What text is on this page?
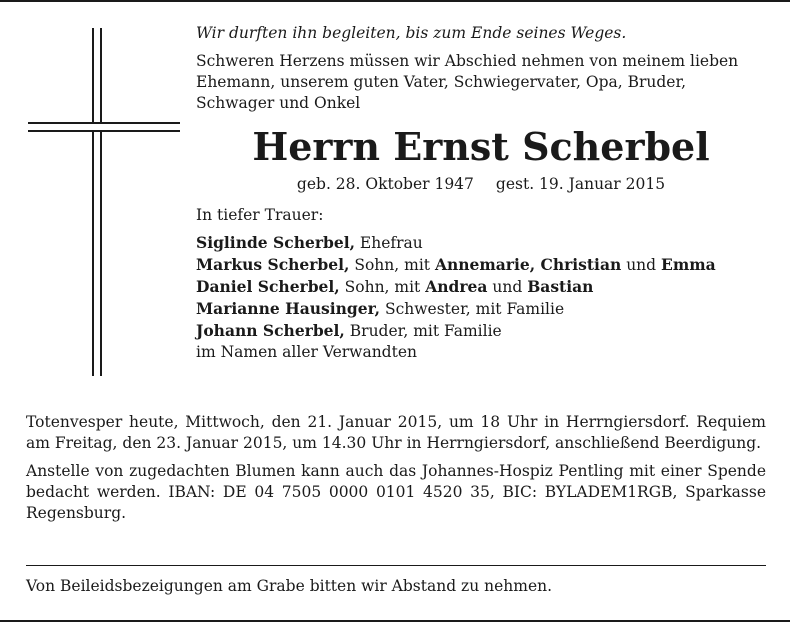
Wir durften ihn begleiten, bis zum Ende seines Weges.

Schweren Herzens müssen wir Abschied nehmen von meinem lieben Ehemann, unserem guten Vater, Schwiegervater, Opa, Bruder, Schwager und Onkel

Herrn Ernst Scherbel

geb. 28. Oktober 1947 gest. 19. Januar 2015

In tiefer Trauer:

Siglinde Scherbel, Ehefrau
Markus Scherbel, Sohn, mit Annemarie, Christian und Emma
Daniel Scherbel, Sohn, mit Andrea und Bastian
Marianne Hausinger, Schwester, mit Familie
Johann Scherbel, Bruder, mit Familie
im Namen aller Verwandten

Totenvesper heute, Mittwoch, den 21. Januar 2015, um 18 Uhr in Herrngiersdorf. Requiem am Freitag, den 23. Januar 2015, um 14.30 Uhr in Herrngiersdorf, anschließend Beerdigung.

Anstelle von zugedachten Blumen kann auch das Johannes-Hospiz Pentling mit einer Spende bedacht werden. IBAN: DE 04 7505 0000 0101 4520 35, BIC: BYLADEM1RGB, Sparkasse Regensburg.

Von Beileidsbezeigungen am Grabe bitten wir Abstand zu nehmen.
